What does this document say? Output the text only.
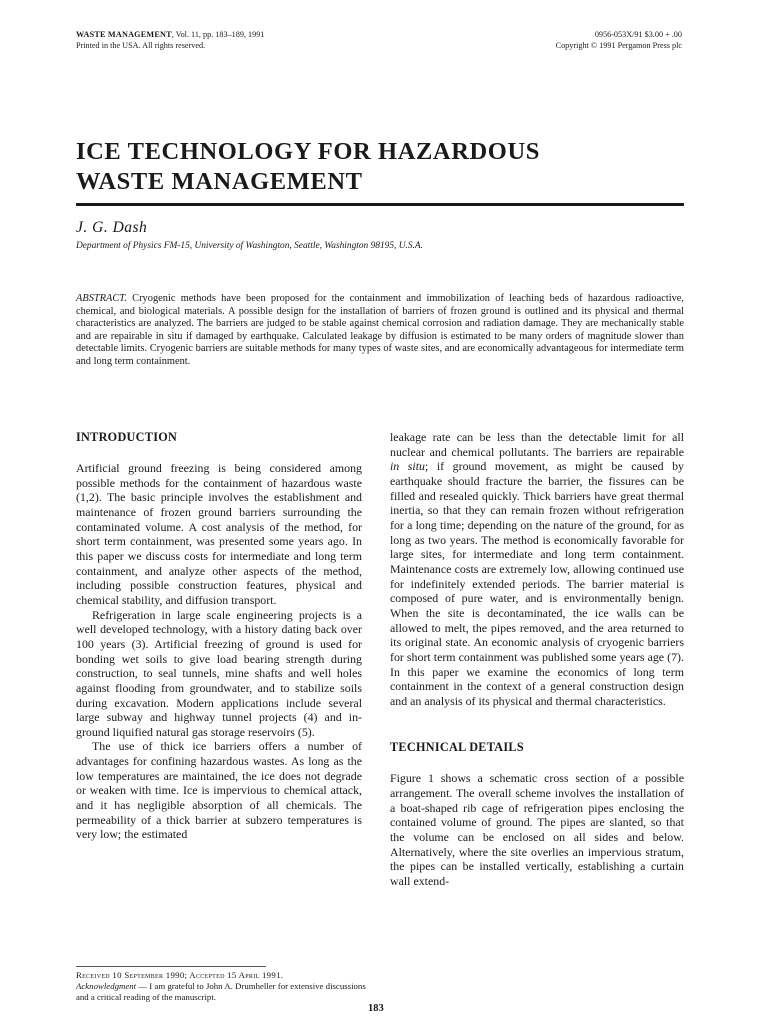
WASTE MANAGEMENT, Vol. 11, pp. 183–189, 1991
Printed in the USA. All rights reserved.
0956-053X/91 $3.00 + .00
Copyright © 1991 Pergamon Press plc
ICE TECHNOLOGY FOR HAZARDOUS
WASTE MANAGEMENT
J. G. Dash
Department of Physics FM-15, University of Washington, Seattle, Washington 98195, U.S.A.
ABSTRACT. Cryogenic methods have been proposed for the containment and immobilization of leaching beds of hazardous radioactive, chemical, and biological materials. A possible design for the installation of barriers of frozen ground is outlined and its physical and thermal characteristics are analyzed. The barriers are judged to be stable against chemical corrosion and radiation damage. They are mechanically stable and are repairable in situ if damaged by earthquake. Calculated leakage by diffusion is estimated to be many orders of magnitude slower than detectable limits. Cryogenic barriers are suitable methods for many types of waste sites, and are economically advantageous for intermediate term and long term containment.
INTRODUCTION

Artificial ground freezing is being considered among possible methods for the containment of hazardous waste (1,2). The basic principle involves the establishment and maintenance of frozen ground barriers surrounding the contaminated volume. A cost analysis of the method, for short term containment, was presented some years ago. In this paper we discuss costs for intermediate and long term containment, and analyze other aspects of the method, including possible construction features, physical and chemical stability, and diffusion transport.

Refrigeration in large scale engineering projects is a well developed technology, with a history dating back over 100 years (3). Artificial freezing of ground is used for bonding wet soils to give load bearing strength during construction, to seal tunnels, mine shafts and well holes against flooding from groundwater, and to stabilize soils during excavation. Modern applications include several large subway and highway tunnel projects (4) and in-ground liquified natural gas storage reservoirs (5).

The use of thick ice barriers offers a number of advantages for confining hazardous wastes. As long as the low temperatures are maintained, the ice does not degrade or weaken with time. Ice is impervious to chemical attack, and it has negligible absorption of all chemicals. The permeability of a thick barrier at subzero temperatures is very low; the estimated

leakage rate can be less than the detectable limit for all nuclear and chemical pollutants. The barriers are repairable in situ; if ground movement, as might be caused by earthquake should fracture the barrier, the fissures can be filled and resealed quickly. Thick barriers have great thermal inertia, so that they can remain frozen without refrigeration for a long time; depending on the nature of the ground, for as long as two years. The method is economically favorable for large sites, for intermediate and long term containment. Maintenance costs are extremely low, allowing continued use for indefinitely extended periods. The barrier material is composed of pure water, and is environmentally benign. When the site is decontaminated, the ice walls can be allowed to melt, the pipes removed, and the area returned to its original state. An economic analysis of cryogenic barriers for short term containment was published some years age (7). In this paper we examine the economics of long term containment in the context of a general construction design and an analysis of its physical and thermal characteristics.

TECHNICAL DETAILS

Figure 1 shows a schematic cross section of a possible arrangement. The overall scheme involves the installation of a boat-shaped rib cage of refrigeration pipes enclosing the contained volume of ground. The pipes are slanted, so that the volume can be enclosed on all sides and below. Alternatively, where the site overlies an impervious stratum, the pipes can be installed vertically, establishing a curtain wall extend-

Received 10 September 1990; Accepted 15 April 1991.
Acknowledgment — I am grateful to John A. Drumheller for extensive discussions and a critical reading of the manuscript.
183
